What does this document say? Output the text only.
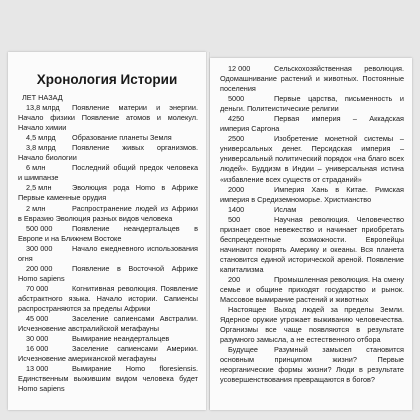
Хронология Истории
ЛЕТ НАЗАД

13,8 млрд Появление материи и энергии. Начало физики Появление атомов и молекул. Начало химии

4,5 млрд Образование планеты Земля

3,8 млрд Появление живых организмов. Начало биологии

6 млн	Последний общий предок человека и шимпанзе

2,5 млн	Эволюция рода Homo в Африке Первые каменные орудия

2 млн	Распространение людей из Африки в Евразию Эволюция разных видов человека

500 000	Появление неандертальцев в Европе и на Ближнем Востоке

300 000	Начало ежедневного использования огня

200 000	Появление в Восточной Африке Homo sapiens

70 000	Когнитивная революция. Появление абстрактного языка. Начало истории. Сапиенсы распространяются за пределы Африки

45 000	Заселение сапиенсами Австралии. Исчезновение австралийской мегафауны

30 000	Вымирание неандертальцев

16 000	Заселение сапиенсами Америки. Исчезновение американской мегафауны

13 000	Вымирание Homo floresiensis. Единственным выжившим видом человека будет Homo sapiens

12 000	Сельскохозяйственная революция. Одомашнивание растений и животных. Постоянные поселения

5000	Первые царства, письменность и деньги. Политеистические религии

4250	Первая империя – Аккадская империя Саргона

2500	Изобретение монетной системы – универсальных денег. Персидская империя – универсальный политический порядок «на благо всех людей». Буддизм в Индии – универсальная истина «избавление всех существ от страданий»

2000	Империя Хань в Китае. Римская империя в Средиземноморье. Христианство

1400	Ислам

500	Научная революция. Человечество признает свое невежество и начинает приобретать беспрецедентные возможности. Европейцы начинают покорять Америку и океаны. Вся планета становится единой исторической ареной. Появление капитализма

200	Промышленная революция. На смену семье и общине приходят государство и рынок. Массовое вымирание растений и животных

Настоящее Выход людей за пределы Земли. Ядерное оружие угрожает выживанию человечества. Организмы все чаще появляются в результате разумного замысла, а не естественного отбора

Будущее Разумный замысел становится основным принципом жизни? Первые неорганические формы жизни? Люди в результате усовершенствования превращаются в богов?
